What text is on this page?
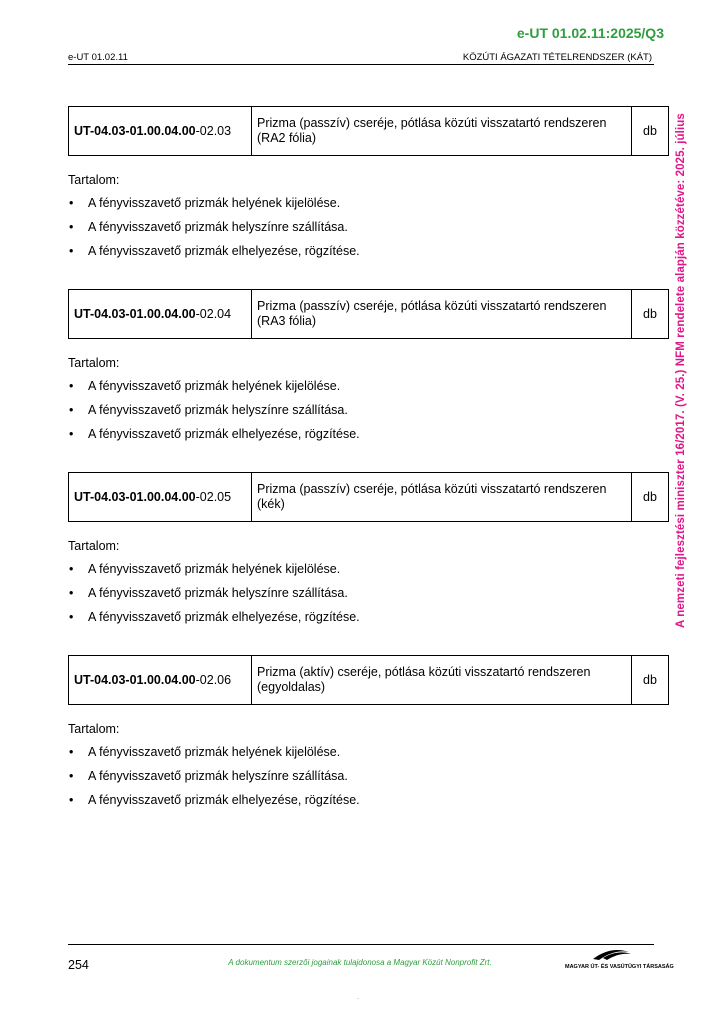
e-UT 01.02.11:2025/Q3
e-UT 01.02.11	KÖZÚTI ÁGAZATI TÉTELRENDSZER (KÁT)
A nemzeti fejlesztési miniszter 16/2017. (V. 25.) NFM rendelete alapján közzétéve: 2025. július
UT-04.03-01.00.04.00-02.03	Prizma (passzív) cseréje, pótlása közúti visszatartó rendszeren (RA2 fólia)	db
Tartalom:
• A fényvisszavető prizmák helyének kijelölése.
• A fényvisszavető prizmák helyszínre szállítása.
• A fényvisszavető prizmák elhelyezése, rögzítése.
UT-04.03-01.00.04.00-02.04	Prizma (passzív) cseréje, pótlása közúti visszatartó rendszeren (RA3 fólia)	db
Tartalom:
• A fényvisszavető prizmák helyének kijelölése.
• A fényvisszavető prizmák helyszínre szállítása.
• A fényvisszavető prizmák elhelyezése, rögzítése.
UT-04.03-01.00.04.00-02.05	Prizma (passzív) cseréje, pótlása közúti visszatartó rendszeren (kék)	db
Tartalom:
• A fényvisszavető prizmák helyének kijelölése.
• A fényvisszavető prizmák helyszínre szállítása.
• A fényvisszavető prizmák elhelyezése, rögzítése.
UT-04.03-01.00.04.00-02.06	Prizma (aktív) cseréje, pótlása közúti visszatartó rendszeren (egyoldalas)	db
Tartalom:
• A fényvisszavető prizmák helyének kijelölése.
• A fényvisszavető prizmák helyszínre szállítása.
• A fényvisszavető prizmák elhelyezése, rögzítése.
254	A dokumentum szerzői jogainak tulajdonosa a Magyar Közút Nonprofit Zrt.	MAGYAR ÚT- ÉS VASÚTÜGYI TÁRSASÁG
.
